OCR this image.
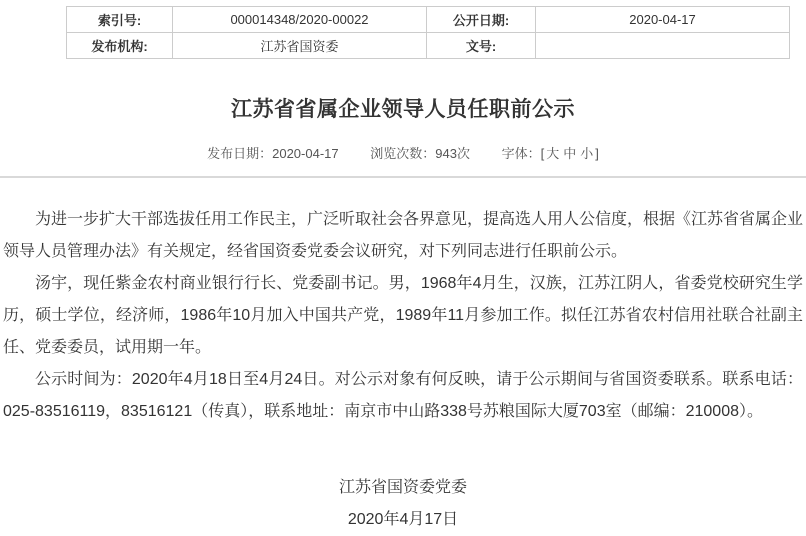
索引号:	000014348/2020-00022	公开日期:	2020-04-17
发布机构:	江苏省国资委	文号:	
江苏省省属企业领导人员任职前公示
发布日期：2020-04-17 浏览次数：943次 字体：[ 大 中 小 ]

为进一步扩大干部选拔任用工作民主，广泛听取社会各界意见，提高选人用人公信度，根据《江苏省省属企业领导人员管理办法》有关规定，经省国资委党委会议研究，对下列同志进行任职前公示。

汤宇，现任紫金农村商业银行行长、党委副书记。男，1968年4月生，汉族，江苏江阴人，省委党校研究生学历，硕士学位，经济师，1986年10月加入中国共产党，1989年11月参加工作。拟任江苏省农村信用社联合社副主任、党委委员，试用期一年。

公示时间为：2020年4月18日至4月24日。对公示对象有何反映，请于公示期间与省国资委联系。联系电话：025-83516119，83516121（传真），联系地址：南京市中山路338号苏粮国际大厦703室（邮编：210008）。

江苏省国资委党委
2020年4月17日
